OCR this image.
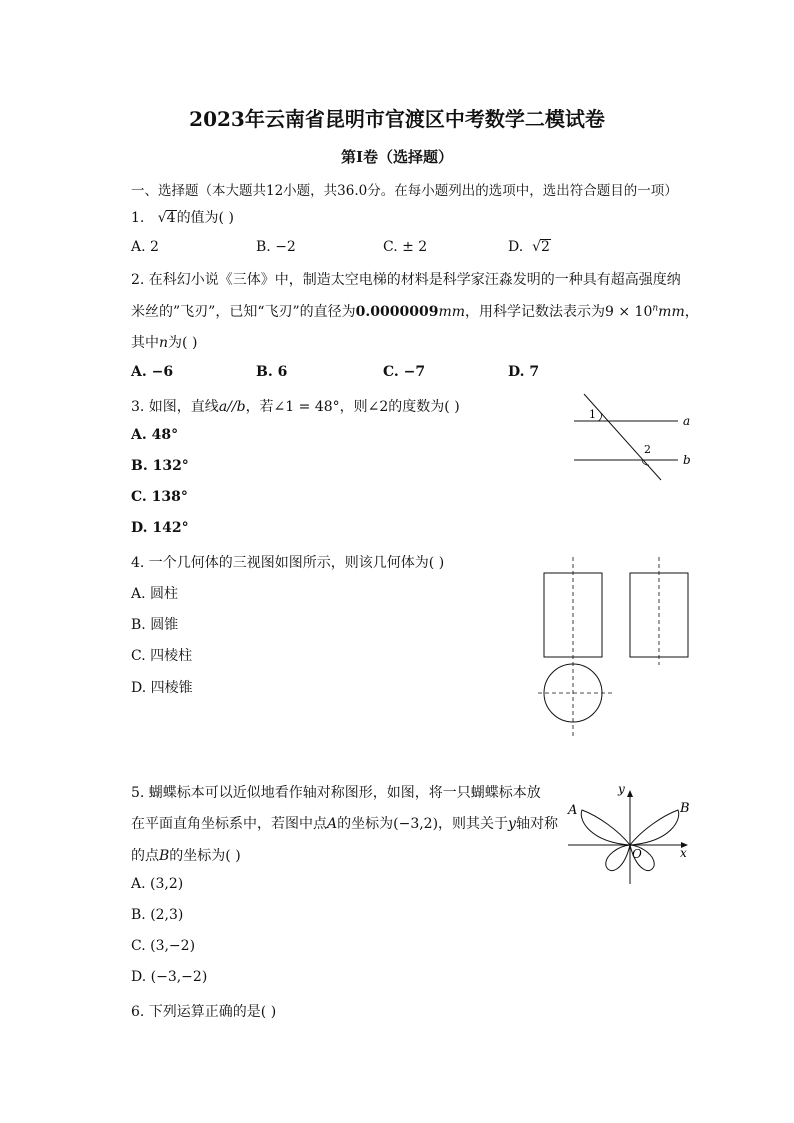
2023年云南省昆明市官渡区中考数学二模试卷
第Ⅰ卷（选择题）
一、选择题（本大题共12小题，共36.0分。在每小题列出的选项中，选出符合题目的一项）
1. √4的值为( )
A. 2	B. −2	C. ± 2	D. √2
2. 在科幻小说《三体》中，制造太空电梯的材料是科学家汪淼发明的一种具有超高强度纳
米丝的”飞刃”，已知“飞刃”的直径为0.0000009mm，用科学记数法表示为$9 \times 10^nmm$，
其中n为( )
A. −6	B. 6	C. −7	D. 7
3. 如图，直线a//b，若∠1 = 48°，则∠2的度数为( )
A. 48°
B. 132°
C. 138°
D. 142°
1
2
a
b
4. 一个几何体的三视图如图所示，则该几何体为( )
A. 圆柱
B. 圆锥
C. 四棱柱
D. 四棱锥
5. 蝴蝶标本可以近似地看作轴对称图形，如图，将一只蝴蝶标本放
在平面直角坐标系中，若图中点A的坐标为(−3,2)，则其关于y轴对称
的点B的坐标为( )
A. (3,2)
B. (2,3)
C. (3,−2)
D. (−3,−2)
y
x
O
A	B
6. 下列运算正确的是( )
